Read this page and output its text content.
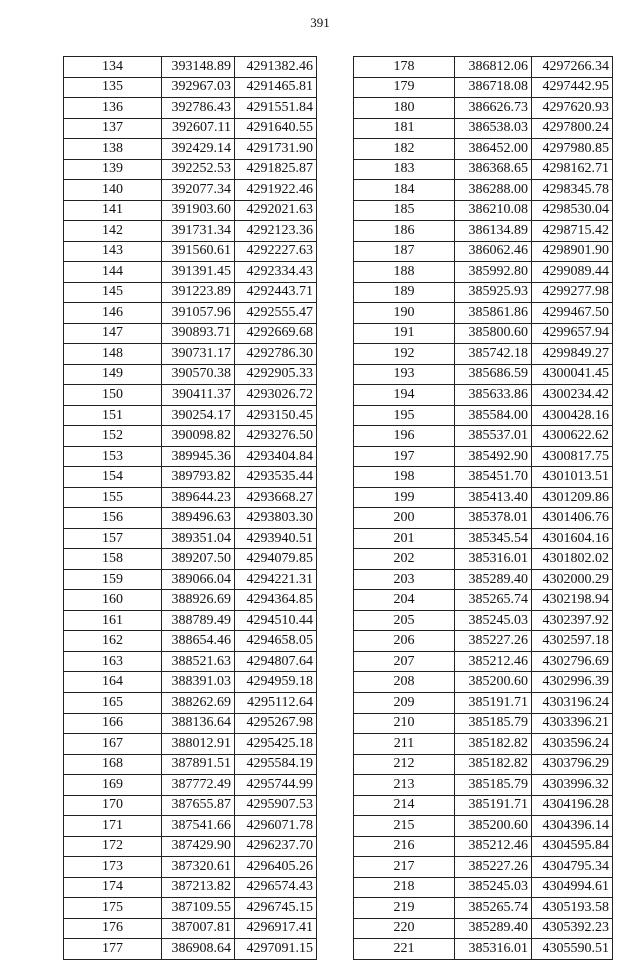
391
134	393148.89	4291382.46
135	392967.03	4291465.81
136	392786.43	4291551.84
137	392607.11	4291640.55
138	392429.14	4291731.90
139	392252.53	4291825.87
140	392077.34	4291922.46
141	391903.60	4292021.63
142	391731.34	4292123.36
143	391560.61	4292227.63
144	391391.45	4292334.43
145	391223.89	4292443.71
146	391057.96	4292555.47
147	390893.71	4292669.68
148	390731.17	4292786.30
149	390570.38	4292905.33
150	390411.37	4293026.72
151	390254.17	4293150.45
152	390098.82	4293276.50
153	389945.36	4293404.84
154	389793.82	4293535.44
155	389644.23	4293668.27
156	389496.63	4293803.30
157	389351.04	4293940.51
158	389207.50	4294079.85
159	389066.04	4294221.31
160	388926.69	4294364.85
161	388789.49	4294510.44
162	388654.46	4294658.05
163	388521.63	4294807.64
164	388391.03	4294959.18
165	388262.69	4295112.64
166	388136.64	4295267.98
167	388012.91	4295425.18
168	387891.51	4295584.19
169	387772.49	4295744.99
170	387655.87	4295907.53
171	387541.66	4296071.78
172	387429.90	4296237.70
173	387320.61	4296405.26
174	387213.82	4296574.43
175	387109.55	4296745.15
176	387007.81	4296917.41
177	386908.64	4297091.15
178	386812.06	4297266.34
179	386718.08	4297442.95
180	386626.73	4297620.93
181	386538.03	4297800.24
182	386452.00	4297980.85
183	386368.65	4298162.71
184	386288.00	4298345.78
185	386210.08	4298530.04
186	386134.89	4298715.42
187	386062.46	4298901.90
188	385992.80	4299089.44
189	385925.93	4299277.98
190	385861.86	4299467.50
191	385800.60	4299657.94
192	385742.18	4299849.27
193	385686.59	4300041.45
194	385633.86	4300234.42
195	385584.00	4300428.16
196	385537.01	4300622.62
197	385492.90	4300817.75
198	385451.70	4301013.51
199	385413.40	4301209.86
200	385378.01	4301406.76
201	385345.54	4301604.16
202	385316.01	4301802.02
203	385289.40	4302000.29
204	385265.74	4302198.94
205	385245.03	4302397.92
206	385227.26	4302597.18
207	385212.46	4302796.69
208	385200.60	4302996.39
209	385191.71	4303196.24
210	385185.79	4303396.21
211	385182.82	4303596.24
212	385182.82	4303796.29
213	385185.79	4303996.32
214	385191.71	4304196.28
215	385200.60	4304396.14
216	385212.46	4304595.84
217	385227.26	4304795.34
218	385245.03	4304994.61
219	385265.74	4305193.58
220	385289.40	4305392.23
221	385316.01	4305590.51
